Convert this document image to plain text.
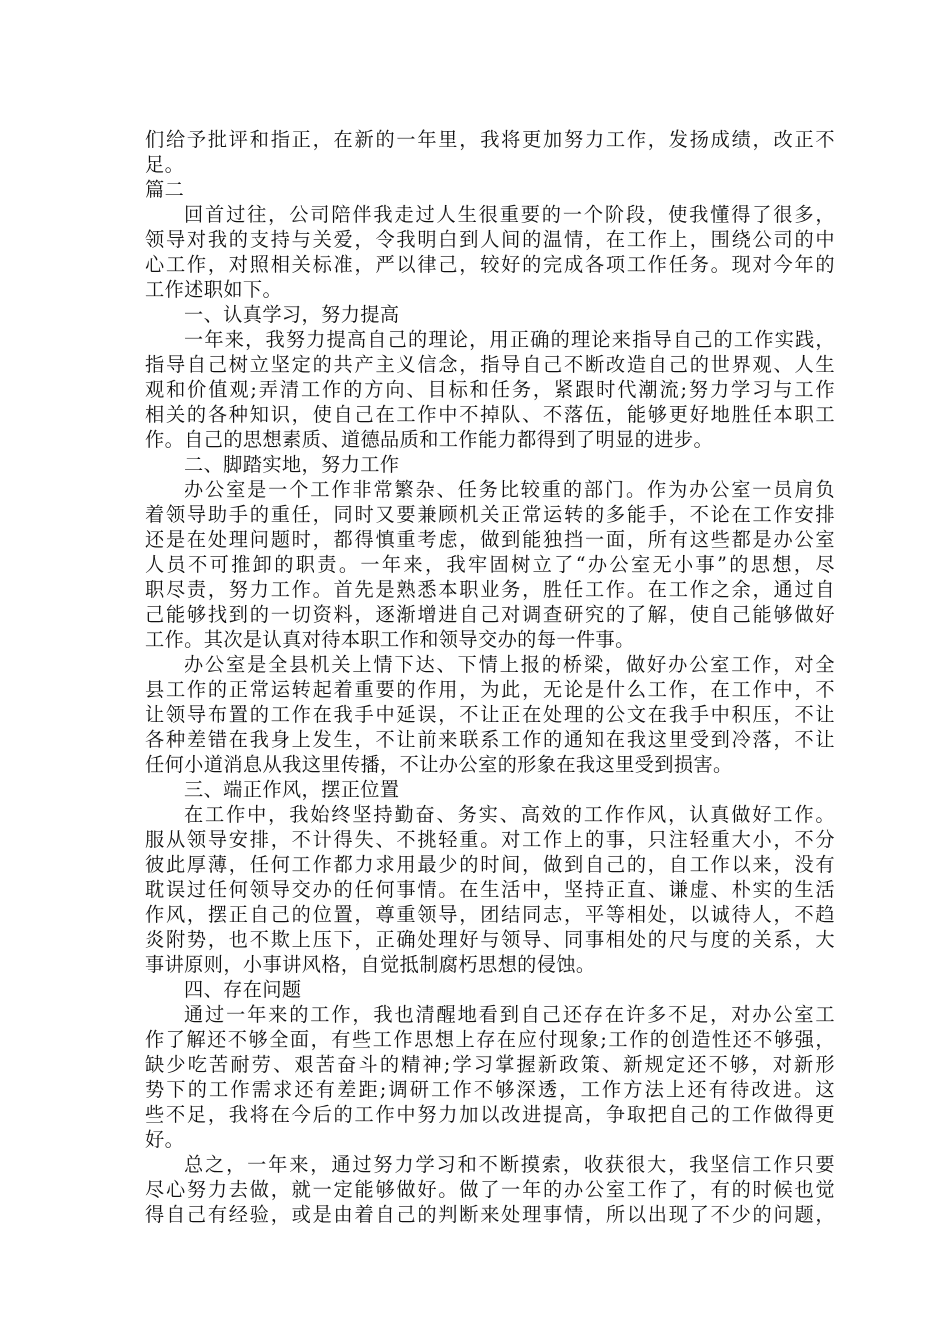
们给予批评和指正，在新的一年里，我将更加努力工作，发扬成绩，改正不
足。
篇二
回首过往，公司陪伴我走过人生很重要的一个阶段，使我懂得了很多，
领导对我的支持与关爱，令我明白到人间的温情，在工作上，围绕公司的中
心工作，对照相关标准，严以律己，较好的完成各项工作任务。现对今年的
工作述职如下。
一、认真学习，努力提高
一年来，我努力提高自己的理论，用正确的理论来指导自己的工作实践，
指导自己树立坚定的共产主义信念，指导自己不断改造自己的世界观、人生
观和价值观;弄清工作的方向、目标和任务，紧跟时代潮流;努力学习与工作
相关的各种知识，使自己在工作中不掉队、不落伍，能够更好地胜任本职工
作。自己的思想素质、道德品质和工作能力都得到了明显的进步。
二、脚踏实地，努力工作
办公室是一个工作非常繁杂、任务比较重的部门。作为办公室一员肩负
着领导助手的重任，同时又要兼顾机关正常运转的多能手，不论在工作安排
还是在处理问题时，都得慎重考虑，做到能独挡一面，所有这些都是办公室
人员不可推卸的职责。一年来，我牢固树立了“办公室无小事”的思想，尽
职尽责，努力工作。首先是熟悉本职业务，胜任工作。在工作之余，通过自
己能够找到的一切资料，逐渐增进自己对调查研究的了解，使自己能够做好
工作。其次是认真对待本职工作和领导交办的每一件事。
办公室是全县机关上情下达、下情上报的桥梁，做好办公室工作，对全
县工作的正常运转起着重要的作用，为此，无论是什么工作，在工作中，不
让领导布置的工作在我手中延误，不让正在处理的公文在我手中积压，不让
各种差错在我身上发生，不让前来联系工作的通知在我这里受到冷落，不让
任何小道消息从我这里传播，不让办公室的形象在我这里受到损害。
三、端正作风，摆正位置
在工作中，我始终坚持勤奋、务实、高效的工作作风，认真做好工作。
服从领导安排，不计得失、不挑轻重。对工作上的事，只注轻重大小，不分
彼此厚薄，任何工作都力求用最少的时间，做到自己的，自工作以来，没有
耽误过任何领导交办的任何事情。在生活中，坚持正直、谦虚、朴实的生活
作风，摆正自己的位置，尊重领导，团结同志，平等相处，以诚待人，不趋
炎附势，也不欺上压下，正确处理好与领导、同事相处的尺与度的关系，大
事讲原则，小事讲风格，自觉抵制腐朽思想的侵蚀。
四、存在问题
通过一年来的工作，我也清醒地看到自己还存在许多不足，对办公室工
作了解还不够全面，有些工作思想上存在应付现象;工作的创造性还不够强，
缺少吃苦耐劳、艰苦奋斗的精神;学习掌握新政策、新规定还不够，对新形
势下的工作需求还有差距;调研工作不够深透，工作方法上还有待改进。这
些不足，我将在今后的工作中努力加以改进提高，争取把自己的工作做得更
好。
总之，一年来，通过努力学习和不断摸索，收获很大，我坚信工作只要
尽心努力去做，就一定能够做好。做了一年的办公室工作了，有的时候也觉
得自己有经验，或是由着自己的判断来处理事情，所以出现了不少的问题，
